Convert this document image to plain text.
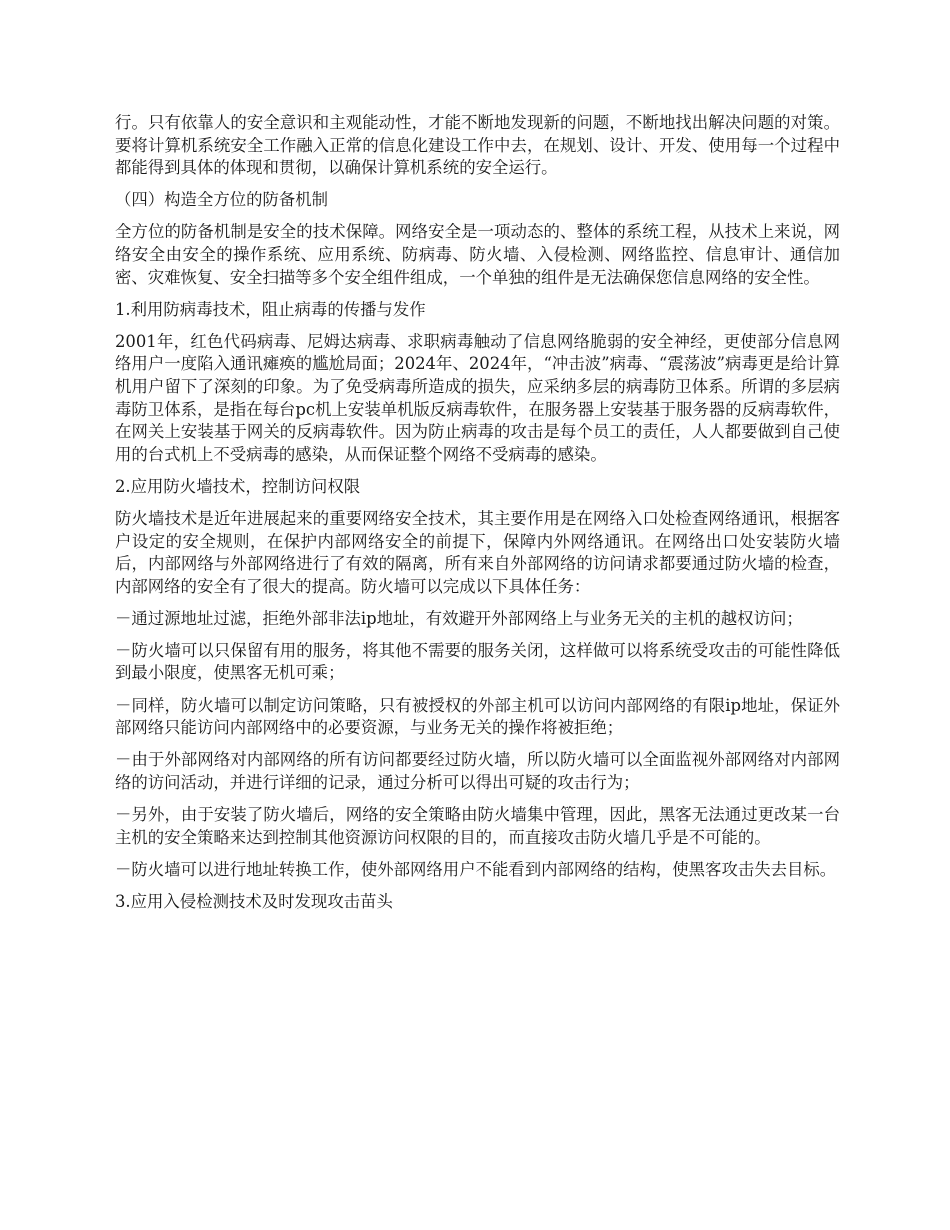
行。只有依靠人的安全意识和主观能动性，才能不断地发现新的问题，不断地找出解决问题的对策。要将计算机系统安全工作融入正常的信息化建设工作中去，在规划、设计、开发、使用每一个过程中都能得到具体的体现和贯彻，以确保计算机系统的安全运行。

（四）构造全方位的防备机制

全方位的防备机制是安全的技术保障。网络安全是一项动态的、整体的系统工程，从技术上来说，网络安全由安全的操作系统、应用系统、防病毒、防火墙、入侵检测、网络监控、信息审计、通信加密、灾难恢复、安全扫描等多个安全组件组成，一个单独的组件是无法确保您信息网络的安全性。

1.利用防病毒技术，阻止病毒的传播与发作

2001年，红色代码病毒、尼姆达病毒、求职病毒触动了信息网络脆弱的安全神经，更使部分信息网络用户一度陷入通讯瘫痪的尴尬局面；2024年、2024年，“冲击波”病毒、“震荡波”病毒更是给计算机用户留下了深刻的印象。为了免受病毒所造成的损失，应采纳多层的病毒防卫体系。所谓的多层病毒防卫体系，是指在每台pc机上安装单机版反病毒软件，在服务器上安装基于服务器的反病毒软件，在网关上安装基于网关的反病毒软件。因为防止病毒的攻击是每个员工的责任，人人都要做到自己使用的台式机上不受病毒的感染，从而保证整个网络不受病毒的感染。

2.应用防火墙技术，控制访问权限

防火墙技术是近年进展起来的重要网络安全技术，其主要作用是在网络入口处检查网络通讯，根据客户设定的安全规则，在保护内部网络安全的前提下，保障内外网络通讯。在网络出口处安装防火墙后，内部网络与外部网络进行了有效的隔离，所有来自外部网络的访问请求都要通过防火墙的检查，内部网络的安全有了很大的提高。防火墙可以完成以下具体任务：

－通过源地址过滤，拒绝外部非法ip地址，有效避开外部网络上与业务无关的主机的越权访问；

－防火墙可以只保留有用的服务，将其他不需要的服务关闭，这样做可以将系统受攻击的可能性降低到最小限度，使黑客无机可乘；

－同样，防火墙可以制定访问策略，只有被授权的外部主机可以访问内部网络的有限ip地址，保证外部网络只能访问内部网络中的必要资源，与业务无关的操作将被拒绝；

－由于外部网络对内部网络的所有访问都要经过防火墙，所以防火墙可以全面监视外部网络对内部网络的访问活动，并进行详细的记录，通过分析可以得出可疑的攻击行为；

－另外，由于安装了防火墙后，网络的安全策略由防火墙集中管理，因此，黑客无法通过更改某一台主机的安全策略来达到控制其他资源访问权限的目的，而直接攻击防火墙几乎是不可能的。

－防火墙可以进行地址转换工作，使外部网络用户不能看到内部网络的结构，使黑客攻击失去目标。

3.应用入侵检测技术及时发现攻击苗头
